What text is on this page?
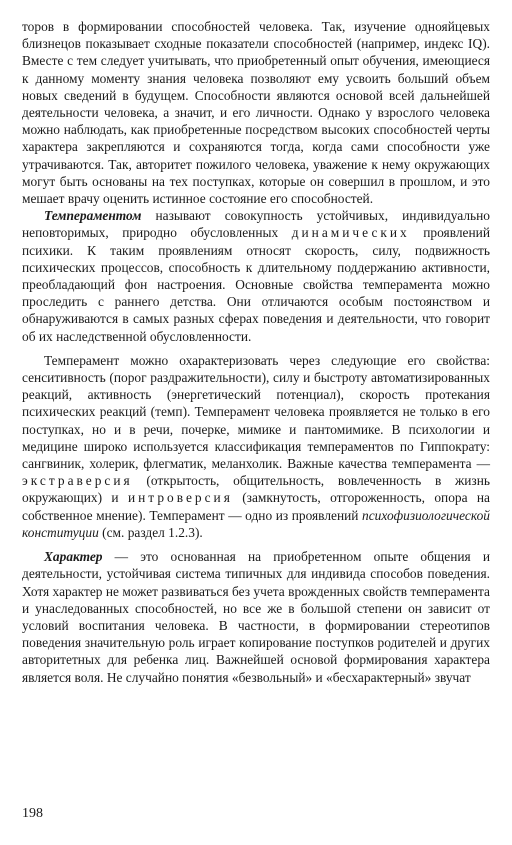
торов в формировании способностей человека. Так, изучение однояйцевых близнецов показывает сходные показатели способностей (например, индекс IQ). Вместе с тем следует учитывать, что приобретенный опыт обучения, имеющиеся к данному моменту знания человека позволяют ему усвоить больший объем новых сведений в будущем. Способности являются основой всей дальнейшей деятельности человека, а значит, и его личности. Однако у взрослого человека можно наблюдать, как приобретенные посредством высоких способностей черты характера закрепляются и сохраняются тогда, когда сами способности уже утрачиваются. Так, авторитет пожилого человека, уважение к нему окружающих могут быть основаны на тех поступках, которые он совершил в прошлом, и это мешает врачу оценить истинное состояние его способностей.

Темпераментом называют совокупность устойчивых, индивидуально неповторимых, природно обусловленных динамических проявлений психики. К таким проявлениям относят скорость, силу, подвижность психических процессов, способность к длительному поддержанию активности, преобладающий фон настроения. Основные свойства темперамента можно проследить с раннего детства. Они отличаются особым постоянством и обнаруживаются в самых разных сферах поведения и деятельности, что говорит об их наследственной обусловленности.

Темперамент можно охарактеризовать через следующие его свойства: сенситивность (порог раздражительности), силу и быстроту автоматизированных реакций, активность (энергетический потенциал), скорость протекания психических реакций (темп). Темперамент человека проявляется не только в его поступках, но и в речи, почерке, мимике и пантомимике. В психологии и медицине широко используется классификация темпераментов по Гиппократу: сангвиник, холерик, флегматик, меланхолик. Важные качества темперамента — экстраверсия (открытость, общительность, вовлеченность в жизнь окружающих) и интроверсия (замкнутость, отгороженность, опора на собственное мнение). Темперамент — одно из проявлений психофизиологической конституции (см. раздел 1.2.3).

Характер — это основанная на приобретенном опыте общения и деятельности, устойчивая система типичных для индивида способов поведения. Хотя характер не может развиваться без учета врожденных свойств темперамента и унаследованных способностей, но все же в большой степени он зависит от условий воспитания человека. В частности, в формировании стереотипов поведения значительную роль играет копирование поступков родителей и других авторитетных для ребенка лиц. Важнейшей основой формирования характера является воля. Не случайно понятия «безвольный» и «бесхарактерный» звучат

198
